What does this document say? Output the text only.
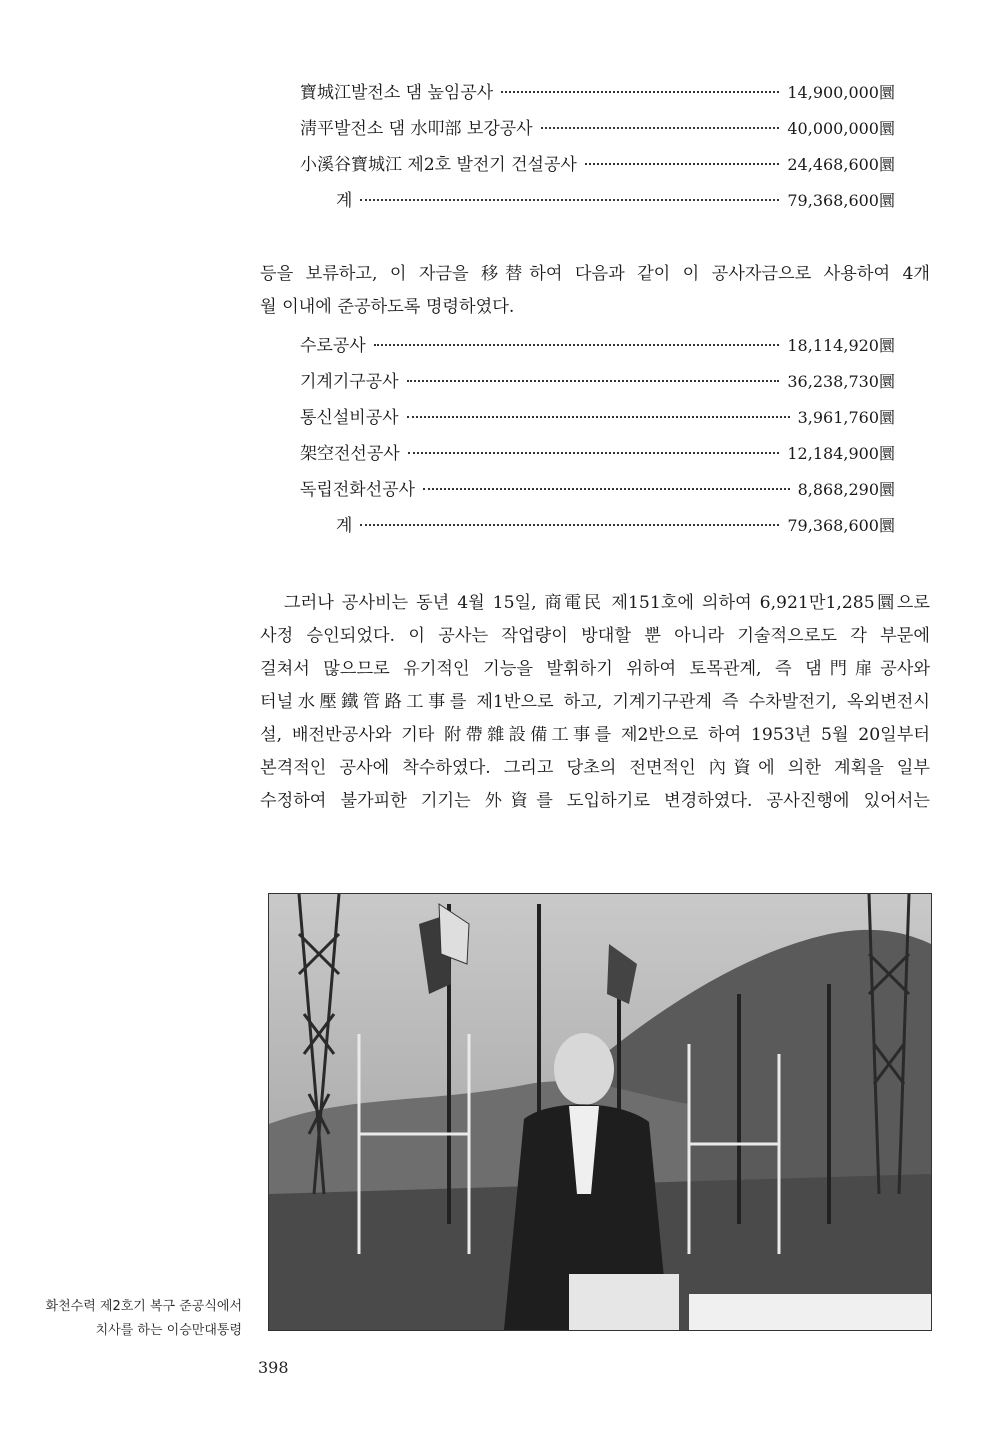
寶城江발전소 댐 높임공사	14,900,000圜
淸平발전소 댐 水叩部 보강공사	40,000,000圜
小溪谷寶城江 제2호 발전기 건설공사	24,468,600圜
계	79,368,600圜

등을 보류하고, 이 자금을 移替하여 다음과 같이 이 공사자금으로 사용하여 4개
월 이내에 준공하도록 명령하였다.

수로공사	18,114,920圜
기계기구공사	36,238,730圜
통신설비공사	3,961,760圜
架空전선공사	12,184,900圜
독립전화선공사	8,868,290圜
계	79,368,600圜

그러나 공사비는 동년 4월 15일, 商電民 제151호에 의하여 6,921만1,285圜으로
사정 승인되었다. 이 공사는 작업량이 방대할 뿐 아니라 기술적으로도 각 부문에
걸쳐서 많으므로 유기적인 기능을 발휘하기 위하여 토목관계, 즉 댐門扉공사와
터널水壓鐵管路工事를 제1반으로 하고, 기계기구관계 즉 수차발전기, 옥외변전시
설, 배전반공사와 기타 附帶雜設備工事를 제2반으로 하여 1953년 5월 20일부터
본격적인 공사에 착수하였다. 그리고 당초의 전면적인 內資에 의한 계획을 일부
수정하여 불가피한 기기는 外資를 도입하기로 변경하였다. 공사진행에 있어서는

화천수력 제2호기 복구 준공식에서
치사를 하는 이승만대통령
398
